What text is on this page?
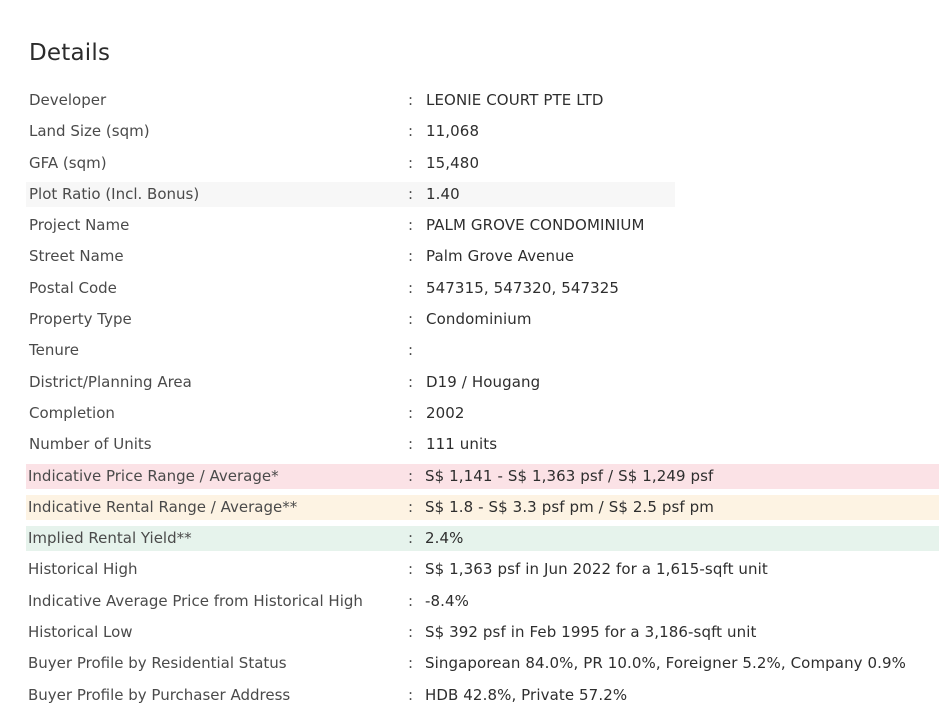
Details
Developer	: LEONIE COURT PTE LTD
Land Size (sqm)	: 11,068
GFA (sqm)	: 15,480
Plot Ratio (Incl. Bonus)	: 1.40
Project Name	: PALM GROVE CONDOMINIUM
Street Name	: Palm Grove Avenue
Postal Code	: 547315, 547320, 547325
Property Type	: Condominium
Tenure	:
District/Planning Area	: D19 / Hougang
Completion	: 2002
Number of Units	: 111 units
Indicative Price Range / Average*	: S$ 1,141 - S$ 1,363 psf / S$ 1,249 psf
Indicative Rental Range / Average**	: S$ 1.8 - S$ 3.3 psf pm / S$ 2.5 psf pm
Implied Rental Yield**	: 2.4%
Historical High	: S$ 1,363 psf in Jun 2022 for a 1,615-sqft unit
Indicative Average Price from Historical High	: -8.4%
Historical Low	: S$ 392 psf in Feb 1995 for a 3,186-sqft unit
Buyer Profile by Residential Status	: Singaporean 84.0%, PR 10.0%, Foreigner 5.2%, Company 0.9%
Buyer Profile by Purchaser Address	: HDB 42.8%, Private 57.2%
